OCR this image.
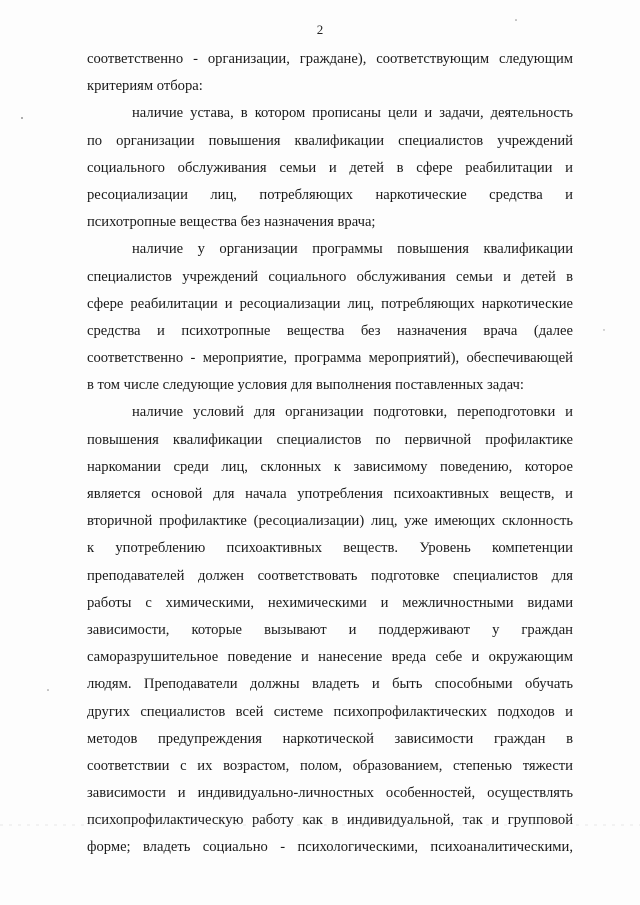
2
соответственно - организации, граждане), соответствующим следующим
критериям отбора:
наличие устава, в котором прописаны цели и задачи, деятельность
по организации повышения квалификации специалистов учреждений
социального обслуживания семьи и детей в сфере реабилитации и
ресоциализации лиц, потребляющих наркотические средства и
психотропные вещества без назначения врача;
наличие у организации программы повышения квалификации
специалистов учреждений социального обслуживания семьи и детей в
сфере реабилитации и ресоциализации лиц, потребляющих наркотические
средства и психотропные вещества без назначения врача (далее
соответственно - мероприятие, программа мероприятий), обеспечивающей
в том числе следующие условия для выполнения поставленных задач:
наличие условий для организации подготовки, переподготовки и
повышения квалификации специалистов по первичной профилактике
наркомании среди лиц, склонных к зависимому поведению, которое
является основой для начала употребления психоактивных веществ, и
вторичной профилактике (ресоциализации) лиц, уже имеющих склонность
к употреблению психоактивных веществ. Уровень компетенции
преподавателей должен соответствовать подготовке специалистов для
работы с химическими, нехимическими и межличностными видами
зависимости, которые вызывают и поддерживают у граждан
саморазрушительное поведение и нанесение вреда себе и окружающим
людям. Преподаватели должны владеть и быть способными обучать
других специалистов всей системе психопрофилактических подходов и
методов предупреждения наркотической зависимости граждан в
соответствии с их возрастом, полом, образованием, степенью тяжести
зависимости и индивидуально-личностных особенностей, осуществлять
психопрофилактическую работу как в индивидуальной, так и групповой
форме; владеть социально - психологическими, психоаналитическими,
